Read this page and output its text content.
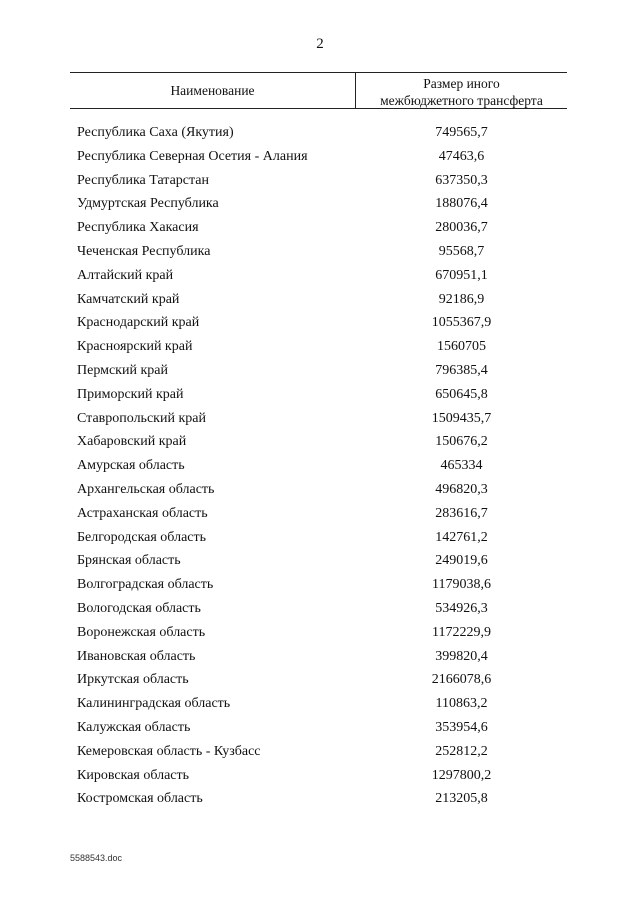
2
Наименование	Размер иного
межбюджетного трансферта
Республика Саха (Якутия)	749565,7
Республика Северная Осетия - Алания	47463,6
Республика Татарстан	637350,3
Удмуртская Республика	188076,4
Республика Хакасия	280036,7
Чеченская Республика	95568,7
Алтайский край	670951,1
Камчатский край	92186,9
Краснодарский край	1055367,9
Красноярский край	1560705
Пермский край	796385,4
Приморский край	650645,8
Ставропольский край	1509435,7
Хабаровский край	150676,2
Амурская область	465334
Архангельская область	496820,3
Астраханская область	283616,7
Белгородская область	142761,2
Брянская область	249019,6
Волгоградская область	1179038,6
Вологодская область	534926,3
Воронежская область	1172229,9
Ивановская область	399820,4
Иркутская область	2166078,6
Калининградская область	110863,2
Калужская область	353954,6
Кемеровская область - Кузбасс	252812,2
Кировская область	1297800,2
Костромская область	213205,8
5588543.doc
